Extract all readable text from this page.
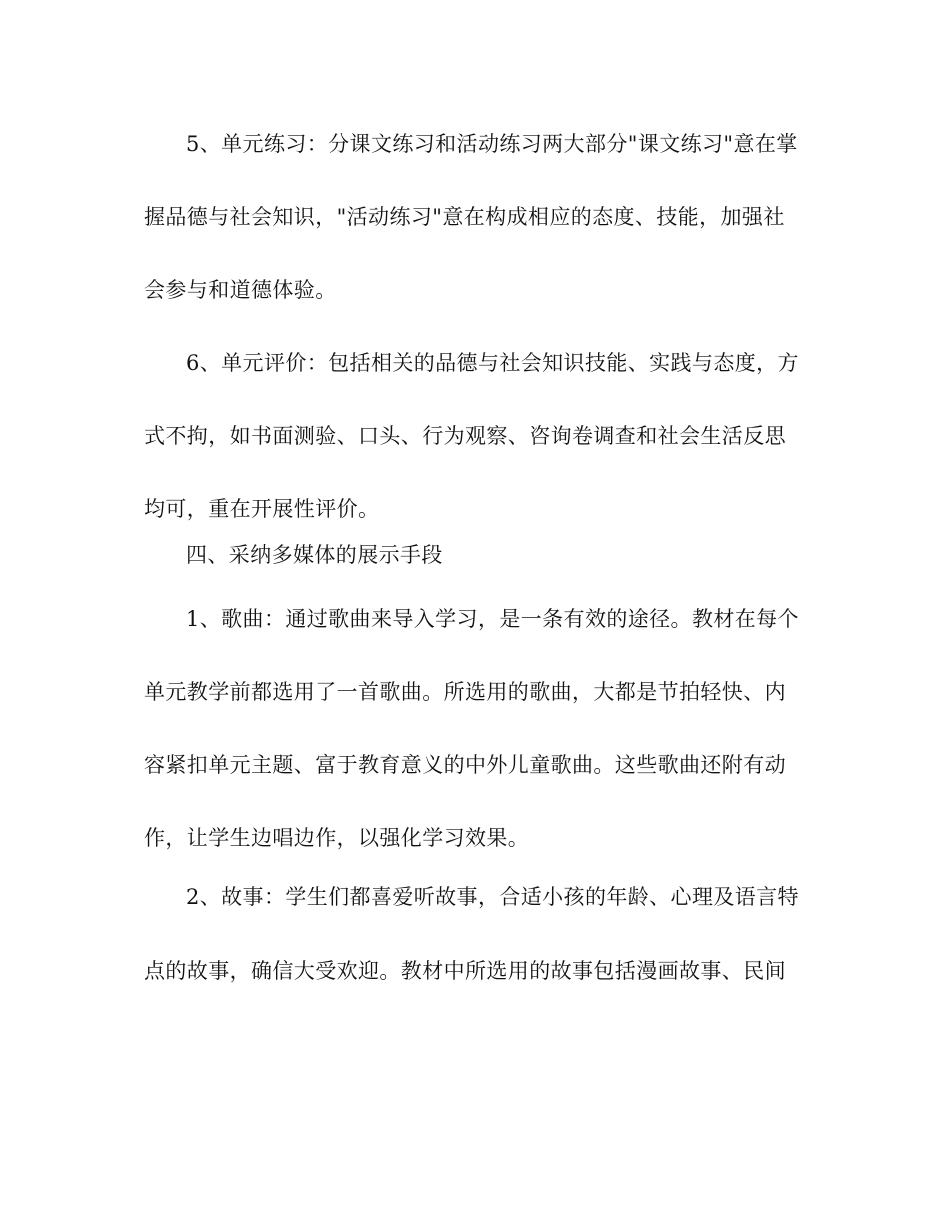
5、单元练习：分课文练习和活动练习两大部分"课文练习"意在掌
握品德与社会知识，"活动练习"意在构成相应的态度、技能，加强社
会参与和道德体验。
6、单元评价：包括相关的品德与社会知识技能、实践与态度，方
式不拘，如书面测验、口头、行为观察、咨询卷调查和社会生活反思
均可，重在开展性评价。
四、采纳多媒体的展示手段
1、歌曲：通过歌曲来导入学习，是一条有效的途径。教材在每个
单元教学前都选用了一首歌曲。所选用的歌曲，大都是节拍轻快、内
容紧扣单元主题、富于教育意义的中外儿童歌曲。这些歌曲还附有动
作，让学生边唱边作，以强化学习效果。
2、故事：学生们都喜爱听故事，合适小孩的年龄、心理及语言特
点的故事，确信大受欢迎。教材中所选用的故事包括漫画故事、民间
